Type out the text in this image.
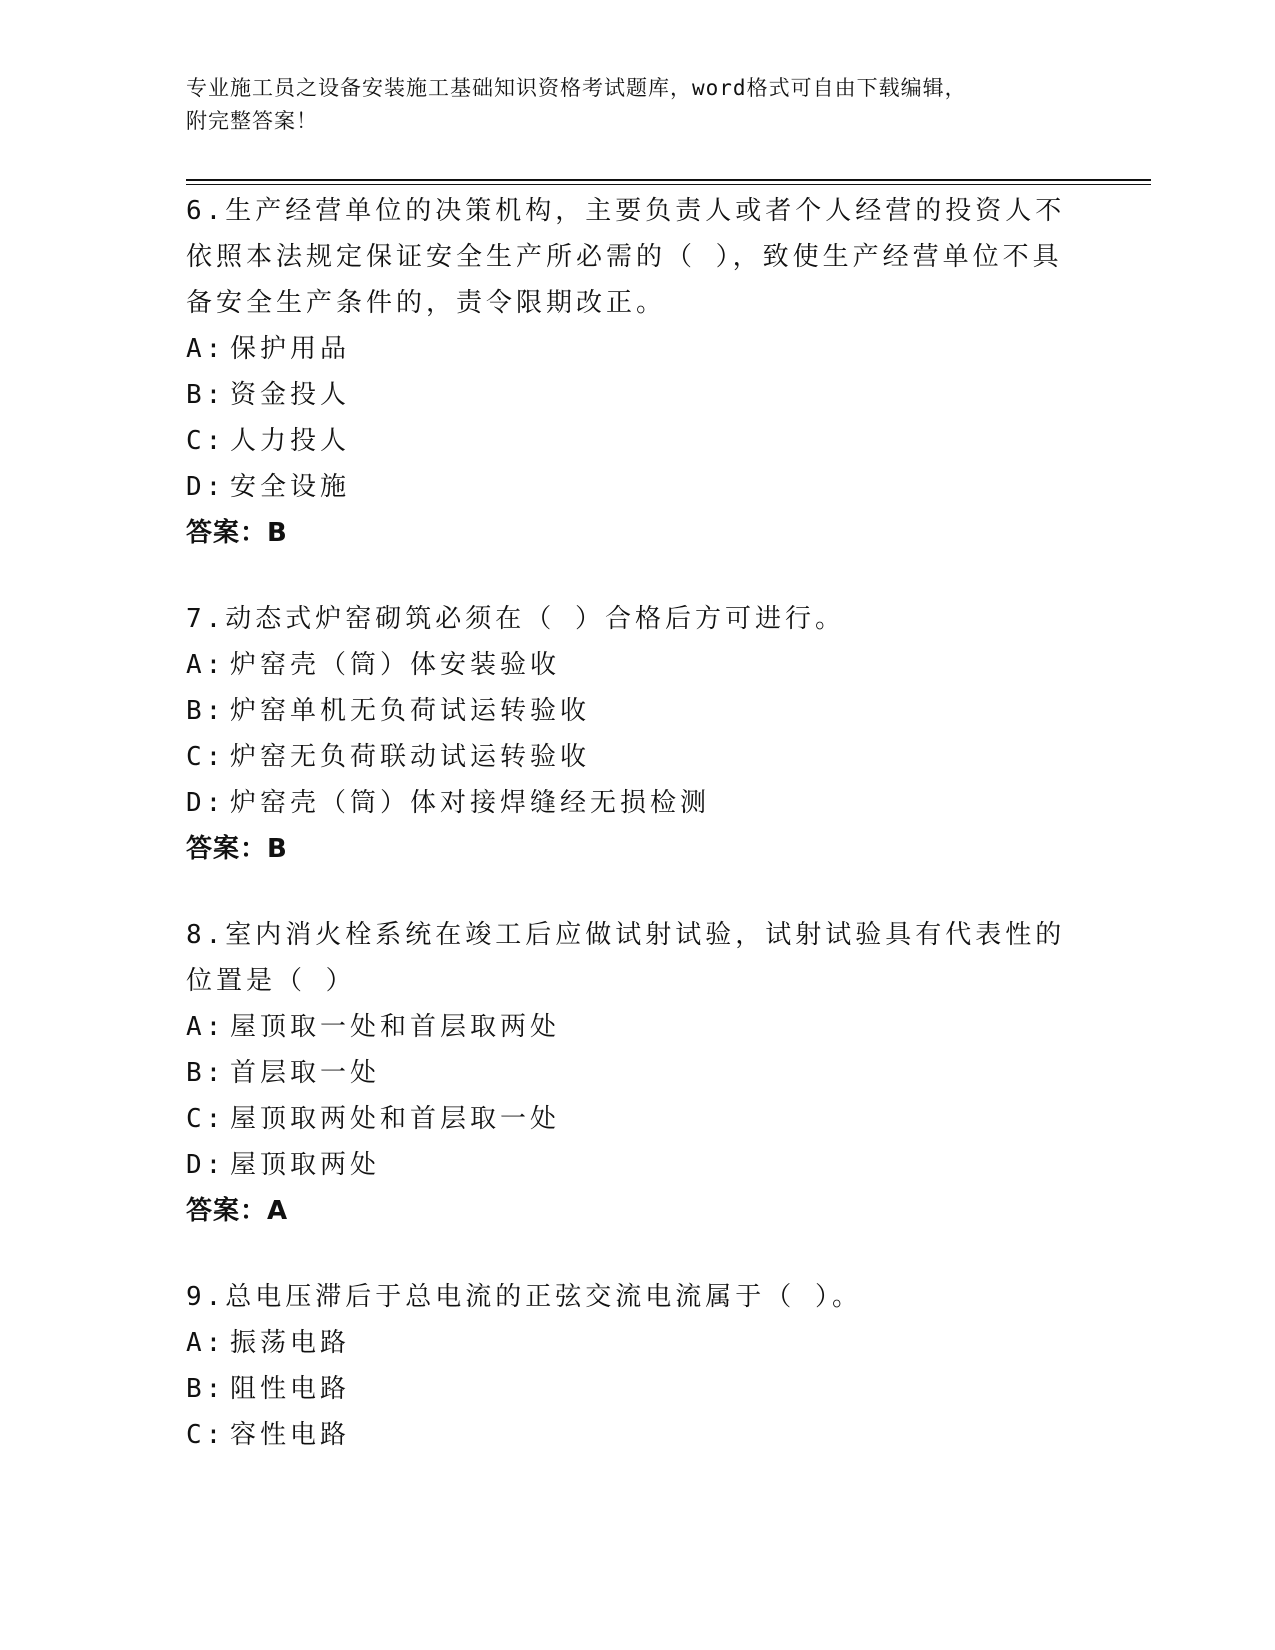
专业施工员之设备安装施工基础知识资格考试题库，word格式可自由下载编辑，
附完整答案！
6.生产经营单位的决策机构，主要负责人或者个人经营的投资人不依照本法规定保证安全生产所必需的（ ），致使生产经营单位不具备安全生产条件的，责令限期改正。
A: 保护用品
B: 资金投人
C: 人力投人
D: 安全设施
答案：B
7.动态式炉窑砌筑必须在（ ）合格后方可进行。
A: 炉窑壳（筒）体安装验收
B: 炉窑单机无负荷试运转验收
C: 炉窑无负荷联动试运转验收
D: 炉窑壳（筒）体对接焊缝经无损检测
答案：B
8.室内消火栓系统在竣工后应做试射试验，试射试验具有代表性的位置是（ ）
A: 屋顶取一处和首层取两处
B: 首层取一处
C: 屋顶取两处和首层取一处
D: 屋顶取两处
答案：A
9.总电压滞后于总电流的正弦交流电流属于（ ）。
A: 振荡电路
B: 阻性电路
C: 容性电路
